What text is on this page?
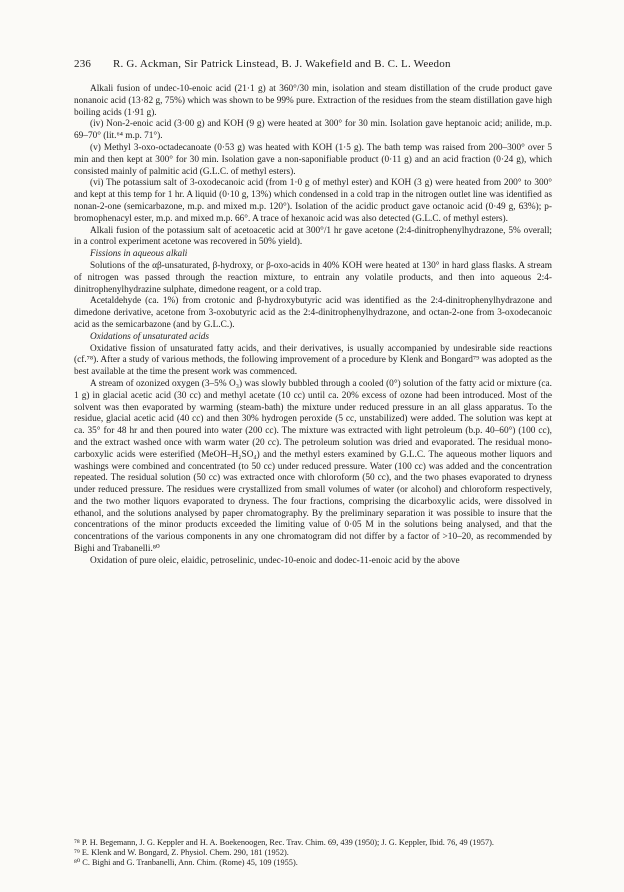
236 R. G. Ackman, Sir Patrick Linstead, B. J. Wakefield and B. C. L. Weedon

Alkali fusion of undec-10-enoic acid (21·1 g) at 360°/30 min, isolation and steam distillation of the crude product gave nonanoic acid (13·82 g, 75%) which was shown to be 99% pure. Extraction of the residues from the steam distillation gave high boiling acids (1·91 g).

(iv) Non-2-enoic acid (3·00 g) and KOH (9 g) were heated at 300° for 30 min. Isolation gave heptanoic acid; anilide, m.p. 69–70° (lit.⁶⁴ m.p. 71°).

(v) Methyl 3-oxo-octadecanoate (0·53 g) was heated with KOH (1·5 g). The bath temp was raised from 200–300° over 5 min and then kept at 300° for 30 min. Isolation gave a non-saponifiable product (0·11 g) and an acid fraction (0·24 g), which consisted mainly of palmitic acid (G.L.C. of methyl esters).

(vi) The potassium salt of 3-oxodecanoic acid (from 1·0 g of methyl ester) and KOH (3 g) were heated from 200° to 300° and kept at this temp for 1 hr. A liquid (0·10 g, 13%) which condensed in a cold trap in the nitrogen outlet line was identified as nonan-2-one (semicarbazone, m.p. and mixed m.p. 120°). Isolation of the acidic product gave octanoic acid (0·49 g, 63%); p-bromophenacyl ester, m.p. and mixed m.p. 66°. A trace of hexanoic acid was also detected (G.L.C. of methyl esters).

Alkali fusion of the potassium salt of acetoacetic acid at 300°/1 hr gave acetone (2:4-dinitrophenylhydrazone, 5% overall; in a control experiment acetone was recovered in 50% yield).

Fissions in aqueous alkali

Solutions of the αβ-unsaturated, β-hydroxy, or β-oxo-acids in 40% KOH were heated at 130° in hard glass flasks. A stream of nitrogen was passed through the reaction mixture, to entrain any volatile products, and then into aqueous 2:4-dinitrophenylhydrazine sulphate, dimedone reagent, or a cold trap.

Acetaldehyde (ca. 1%) from crotonic and β-hydroxybutyric acid was identified as the 2:4-dinitrophenylhydrazone and dimedone derivative, acetone from 3-oxobutyric acid as the 2:4-dinitrophenylhydrazone, and octan-2-one from 3-oxodecanoic acid as the semicarbazone (and by G.L.C.).

Oxidations of unsaturated acids

Oxidative fission of unsaturated fatty acids, and their derivatives, is usually accompanied by undesirable side reactions (cf.⁷⁸). After a study of various methods, the following improvement of a procedure by Klenk and Bongard⁷⁹ was adopted as the best available at the time the present work was commenced.

A stream of ozonized oxygen (3–5% O₃) was slowly bubbled through a cooled (0°) solution of the fatty acid or mixture (ca. 1 g) in glacial acetic acid (30 cc) and methyl acetate (10 cc) until ca. 20% excess of ozone had been introduced. Most of the solvent was then evaporated by warming (steam-bath) the mixture under reduced pressure in an all glass apparatus. To the residue, glacial acetic acid (40 cc) and then 30% hydrogen peroxide (5 cc, unstabilized) were added. The solution was kept at ca. 35° for 48 hr and then poured into water (200 cc). The mixture was extracted with light petroleum (b.p. 40–60°) (100 cc), and the extract washed once with warm water (20 cc). The petroleum solution was dried and evaporated. The residual mono-carboxylic acids were esterified (MeOH–H₂SO₄) and the methyl esters examined by G.L.C. The aqueous mother liquors and washings were combined and concentrated (to 50 cc) under reduced pressure. Water (100 cc) was added and the concentration repeated. The residual solution (50 cc) was extracted once with chloroform (50 cc), and the two phases evaporated to dryness under reduced pressure. The residues were crystallized from small volumes of water (or alcohol) and chloroform respectively, and the two mother liquors evaporated to dryness. The four fractions, comprising the dicarboxylic acids, were dissolved in ethanol, and the solutions analysed by paper chromatography. By the preliminary separation it was possible to insure that the concentrations of the minor products exceeded the limiting value of 0·05 M in the solutions being analysed, and that the concentrations of the various components in any one chromatogram did not differ by a factor of >10–20, as recommended by Bighi and Trabanelli.⁸⁰

Oxidation of pure oleic, elaidic, petroselinic, undec-10-enoic and dodec-11-enoic acid by the above

⁷⁸ P. H. Begemann, J. G. Keppler and H. A. Boekenoogen, Rec. Trav. Chim. 69, 439 (1950); J. G. Keppler, Ibid. 76, 49 (1957).

⁷⁹ E. Klenk and W. Bongard, Z. Physiol. Chem. 290, 181 (1952).

⁸⁰ C. Bighi and G. Tranbanelli, Ann. Chim. (Rome) 45, 109 (1955).
